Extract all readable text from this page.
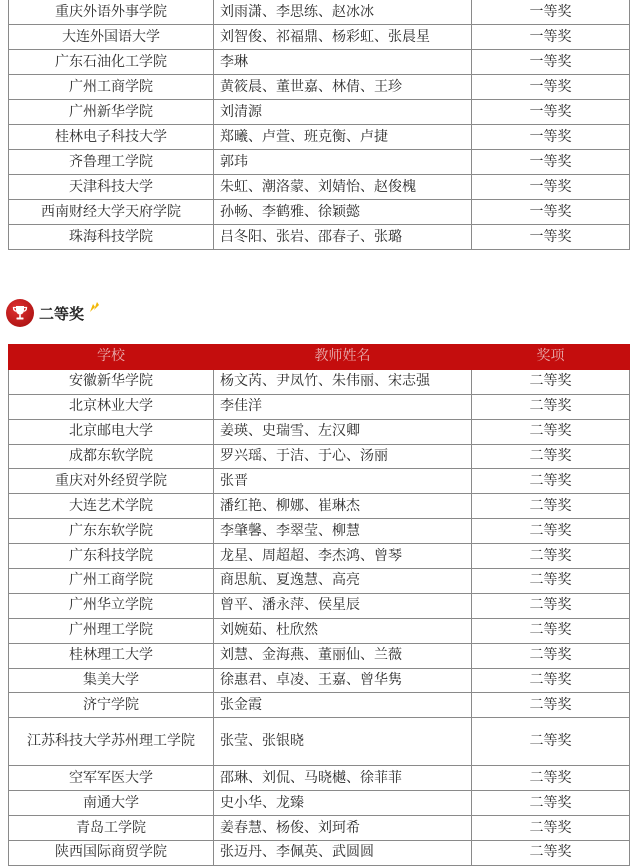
重庆外语外事学院	刘雨潇、李思练、赵冰冰	一等奖
大连外国语大学	刘智俊、祁福鼎、杨彩虹、张晨星	一等奖
广东石油化工学院	李琳	一等奖
广州工商学院	黄筱晨、董世嘉、林倩、王珍	一等奖
广州新华学院	刘清源	一等奖
桂林电子科技大学	郑曦、卢萱、班克衡、卢捷	一等奖
齐鲁理工学院	郭玮	一等奖
天津科技大学	朱虹、潮洛蒙、刘婧怡、赵俊槐	一等奖
西南财经大学天府学院	孙畅、李鹤雅、徐颖懿	一等奖
珠海科技学院	吕冬阳、张岩、邵春子、张璐	一等奖
二等奖
学校	教师姓名	奖项
安徽新华学院	杨文芮、尹凤竹、朱伟丽、宋志强	二等奖
北京林业大学	李佳洋	二等奖
北京邮电大学	姜瑛、史瑞雪、左汉卿	二等奖
成都东软学院	罗兴瑶、于洁、于心、汤丽	二等奖
重庆对外经贸学院	张晋	二等奖
大连艺术学院	潘红艳、柳娜、崔琳杰	二等奖
广东东软学院	李肇馨、李翠莹、柳慧	二等奖
广东科技学院	龙星、周超超、李杰鸿、曾琴	二等奖
广州工商学院	商思航、夏逸慧、高亮	二等奖
广州华立学院	曾平、潘永萍、侯星辰	二等奖
广州理工学院	刘婉茹、杜欣然	二等奖
桂林理工大学	刘慧、金海燕、董丽仙、兰薇	二等奖
集美大学	徐惠君、卓凌、王嘉、曾华隽	二等奖
济宁学院	张金霞	二等奖
江苏科技大学苏州理工学院	张莹、张银晓	二等奖
空军军医大学	邵琳、刘侃、马晓樾、徐菲菲	二等奖
南通大学	史小华、龙臻	二等奖
青岛工学院	姜春慧、杨俊、刘珂希	二等奖
陕西国际商贸学院	张迈丹、李佩英、武圆圆	二等奖
